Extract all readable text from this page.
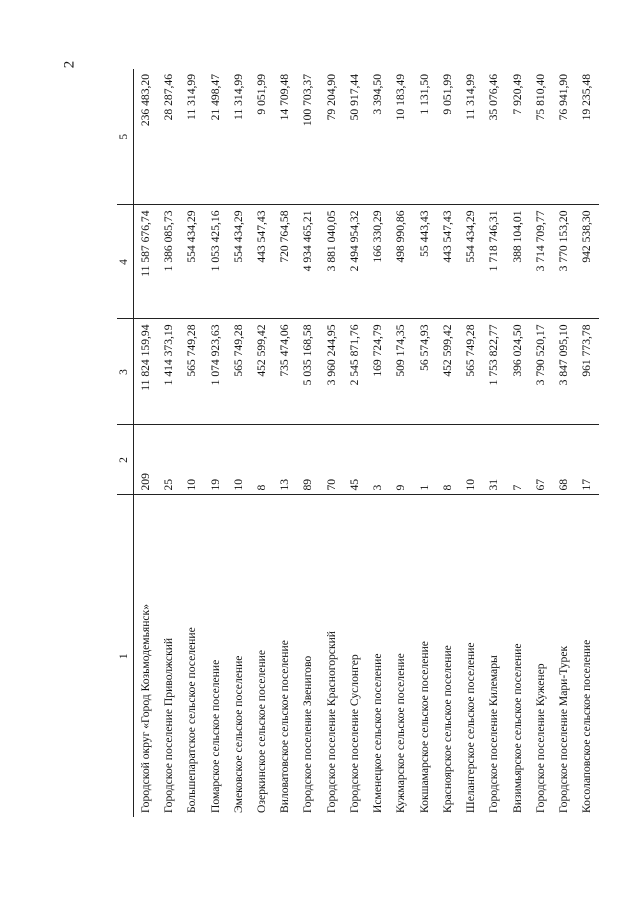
2
1	2	3	4	5
Городской округ «Город Козьмодемьянск»	209	11 824 159,94	11 587 676,74	236 483,20
Городское поселение Приволжский	25	1 414 373,19	1 386 085,73	28 287,46
Большепаратское сельское поселение	10	565 749,28	554 434,29	11 314,99
Помарское сельское поселение	19	1 074 923,63	1 053 425,16	21 498,47
Эмековское сельское поселение	10	565 749,28	554 434,29	11 314,99
Озеркинское сельское поселение	8	452 599,42	443 547,43	9 051,99
Виловатовское сельское поселение	13	735 474,06	720 764,58	14 709,48
Городское поселение Звенигово	89	5 035 168,58	4 934 465,21	100 703,37
Городское поселение Красногорский	70	3 960 244,95	3 881 040,05	79 204,90
Городское поселение Суслонгер	45	2 545 871,76	2 494 954,32	50 917,44
Исменецкое сельское поселение	3	169 724,79	166 330,29	3 394,50
Кужмарское сельское поселение	9	509 174,35	498 990,86	10 183,49
Кокшамарское сельское поселение	1	56 574,93	55 443,43	1 131,50
Красноярское сельское поселение	8	452 599,42	443 547,43	9 051,99
Шелангерское сельское поселение	10	565 749,28	554 434,29	11 314,99
Городское поселение Килемары	31	1 753 822,77	1 718 746,31	35 076,46
Визимьярское сельское поселение	7	396 024,50	388 104,01	7 920,49
Городское поселение Куженер	67	3 790 520,17	3 714 709,77	75 810,40
Городское поселение Мари-Турек	68	3 847 095,10	3 770 153,20	76 941,90
Косолаповское сельское поселение	17	961 773,78	942 538,30	19 235,48
